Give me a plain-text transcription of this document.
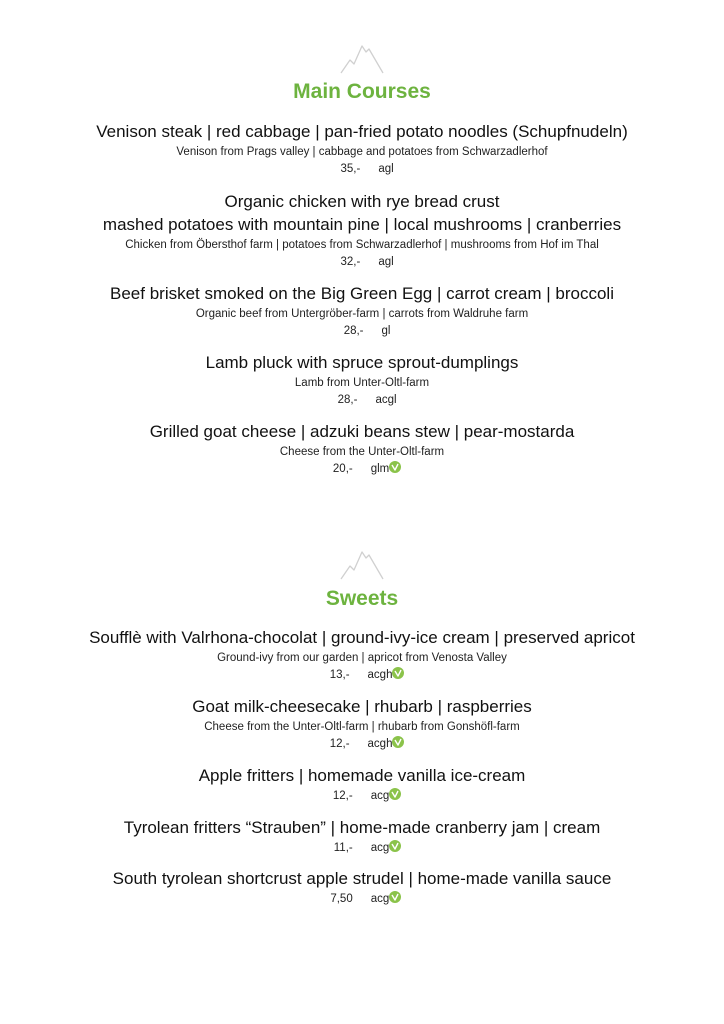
Main Courses
Venison steak | red cabbage | pan-fried potato noodles (Schupfnudeln)
Venison from Prags valley | cabbage and potatoes from Schwarzadlerhof
35,- agl
Organic chicken with rye bread crust
mashed potatoes with mountain pine | local mushrooms | cranberries
Chicken from Öbersthof farm | potatoes from Schwarzadlerhof | mushrooms from Hof im Thal
32,- agl
Beef brisket smoked on the Big Green Egg | carrot cream | broccoli
Organic beef from Untergröber-farm | carrots from Waldruhe farm
28,- gl
Lamb pluck with spruce sprout-dumplings
Lamb from Unter-Oltl-farm
28,- acgl
Grilled goat cheese | adzuki beans stew | pear-mostarda
Cheese from the Unter-Oltl-farm
20,- glm
Sweets
Soufflè with Valrhona-chocolat | ground-ivy-ice cream | preserved apricot
Ground-ivy from our garden | apricot from Venosta Valley
13,- acgh
Goat milk-cheesecake | rhubarb | raspberries
Cheese from the Unter-Oltl-farm | rhubarb from Gonshöfl-farm
12,- acgh
Apple fritters | homemade vanilla ice-cream
12,- acg
Tyrolean fritters “Strauben” | home-made cranberry jam | cream
11,- acg
South tyrolean shortcrust apple strudel | home-made vanilla sauce
7,50 acg
